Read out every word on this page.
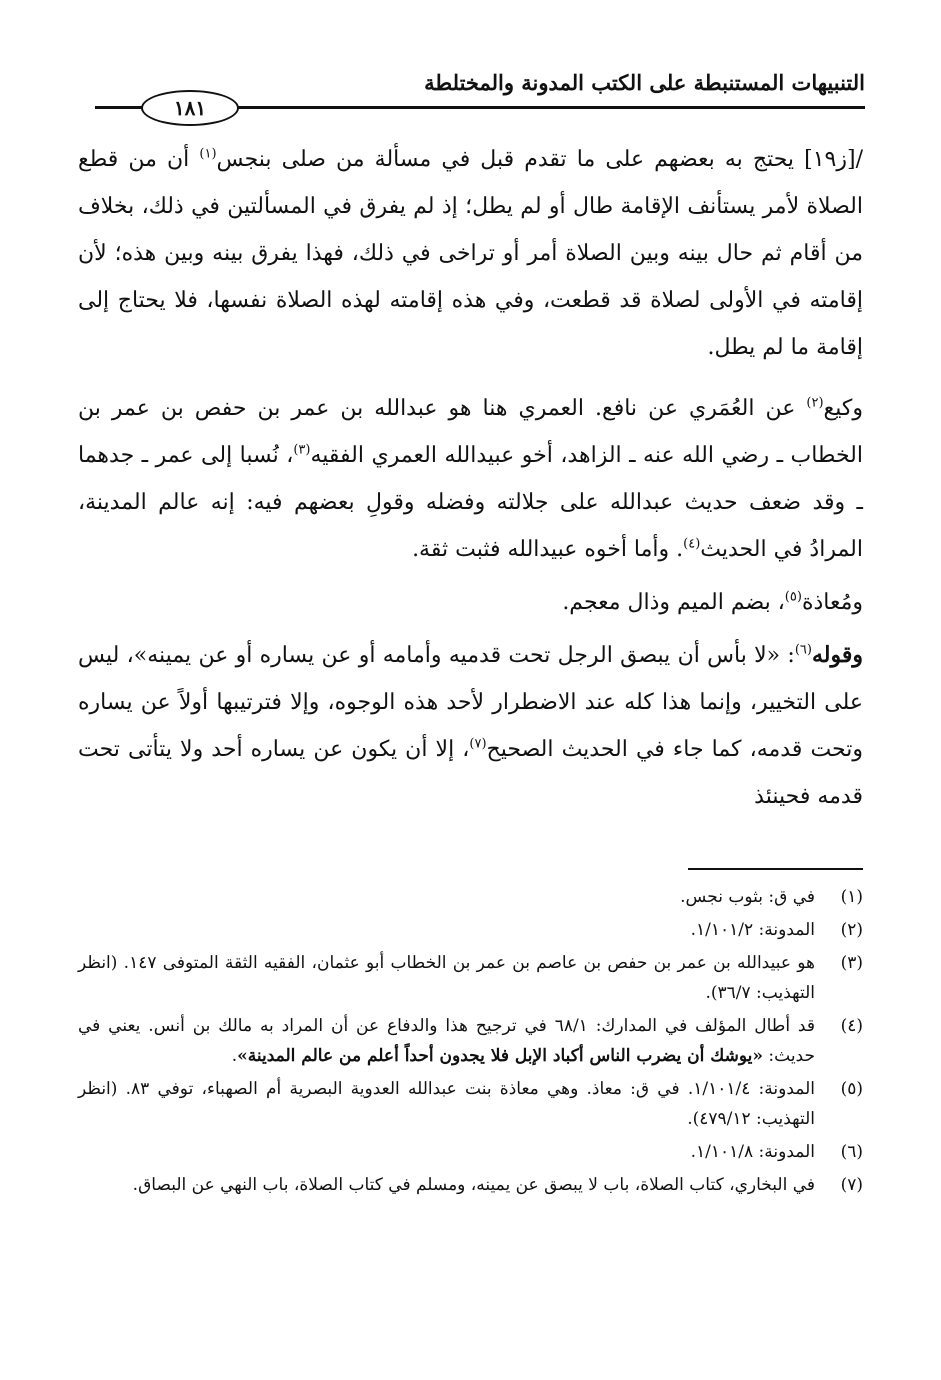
التنبيهات المستنبطة على الكتب المدونة والمختلطة
١٨١

/[ز١٩] يحتج به بعضهم على ما تقدم قبل في مسألة من صلى بنجس$^{(١)}$ أن من قطع الصلاة لأمر يستأنف الإقامة طال أو لم يطل؛ إذ لم يفرق في المسألتين في ذلك، بخلاف من أقام ثم حال بينه وبين الصلاة أمر أو تراخى في ذلك، فهذا يفرق بينه وبين هذه؛ لأن إقامته في الأولى لصلاة قد قطعت، وفي هذه إقامته لهذه الصلاة نفسها، فلا يحتاج إلى إقامة ما لم يطل.

وكيع$^{(٢)}$ عن العُمَري عن نافع. العمري هنا هو عبدالله بن عمر بن حفص بن عمر بن الخطاب ـ رضي الله عنه ـ الزاهد، أخو عبيدالله العمري الفقيه$^{(٣)}$، نُسبا إلى عمر ـ جدهما ـ وقد ضعف حديث عبدالله على جلالته وفضله وقولِ بعضهم فيه: إنه عالم المدينة، المرادُ في الحديث$^{(٤)}$. وأما أخوه عبيدالله فثبت ثقة.

ومُعاذة$^{(٥)}$، بضم الميم وذال معجم.

وقوله$^{(٦)}$: «لا بأس أن يبصق الرجل تحت قدميه وأمامه أو عن يساره أو عن يمينه»، ليس على التخيير، وإنما هذا كله عند الاضطرار لأحد هذه الوجوه، وإلا فترتيبها أولاً عن يساره وتحت قدمه، كما جاء في الحديث الصحيح$^{(٧)}$، إلا أن يكون عن يساره أحد ولا يتأتى تحت قدمه فحينئذ

(١)
في ق: بثوب نجس.
(٢)
المدونة: ١/١٠١/٢.
(٣)
هو عبيدالله بن عمر بن حفص بن عاصم بن عمر بن الخطاب أبو عثمان، الفقيه الثقة المتوفى ١٤٧. (انظر التهذيب: ٣٦/٧).
(٤)
قد أطال المؤلف في المدارك: ٦٨/١ في ترجيح هذا والدفاع عن أن المراد به مالك بن أنس. يعني في حديث: «يوشك أن يضرب الناس أكباد الإبل فلا يجدون أحداً أعلم من عالم المدينة».
(٥)
المدونة: ١/١٠١/٤. في ق: معاذ. وهي معاذة بنت عبدالله العدوية البصرية أم الصهباء، توفي ٨٣. (انظر التهذيب: ٤٧٩/١٢).
(٦)
المدونة: ١/١٠١/٨.
(٧)
في البخاري، كتاب الصلاة، باب لا يبصق عن يمينه، ومسلم في كتاب الصلاة، باب النهي عن البصاق.
